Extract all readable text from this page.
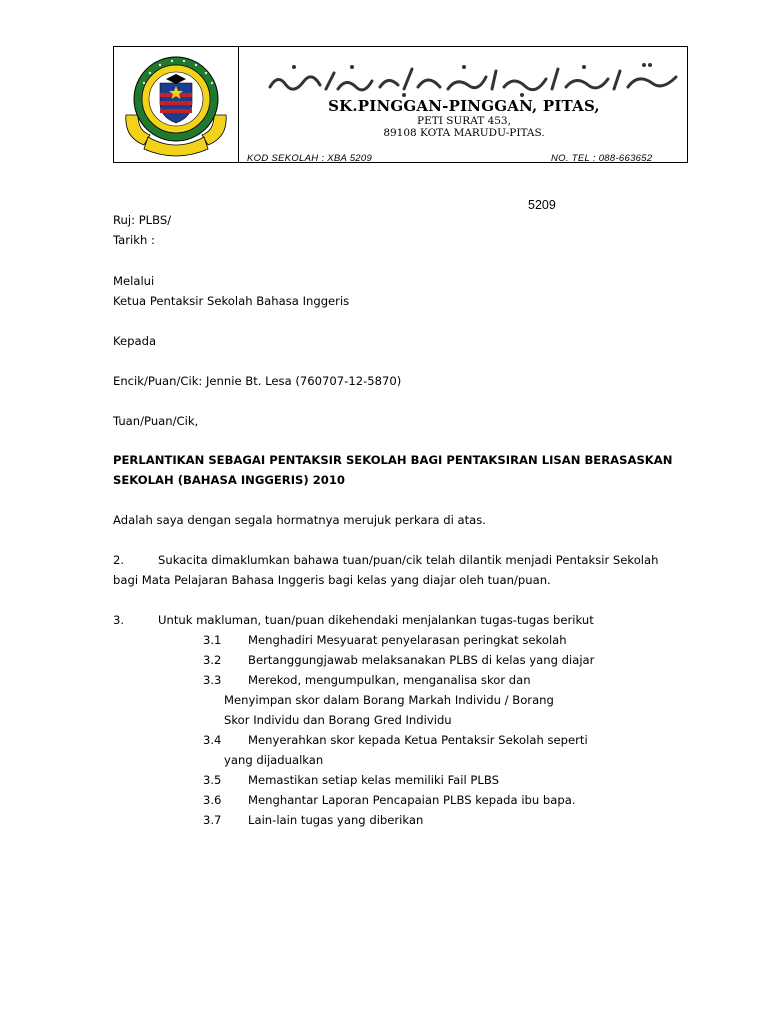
SK.PINGGAN-PINGGAN, PITAS,
PETI SURAT 453,
89108 KOTA MARUDU-PITAS.
KOD SEKOLAH : XBA 5209	NO. TEL : 088-663652
5209
Ruj: PLBS/
Tarikh :
Melalui
Ketua Pentaksir Sekolah Bahasa Inggeris
Kepada
Encik/Puan/Cik: Jennie Bt. Lesa (760707-12-5870)
Tuan/Puan/Cik,
PERLANTIKAN SEBAGAI PENTAKSIR SEKOLAH BAGI PENTAKSIRAN LISAN BERASASKAN
SEKOLAH (BAHASA INGGERIS) 2010
Adalah saya dengan segala hormatnya merujuk perkara di atas.
2.	Sukacita dimaklumkan bahawa tuan/puan/cik telah dilantik menjadi Pentaksir Sekolah
bagi Mata Pelajaran Bahasa Inggeris bagi kelas yang diajar oleh tuan/puan.
3.	Untuk makluman, tuan/puan dikehendaki menjalankan tugas-tugas berikut
3.1 Menghadiri Mesyuarat penyelarasan peringkat sekolah
3.2 Bertanggungjawab melaksanakan PLBS di kelas yang diajar
3.3 Merekod, mengumpulkan, menganalisa skor dan
Menyimpan skor dalam Borang Markah Individu / Borang
Skor Individu dan Borang Gred Individu
3.4 Menyerahkan skor kepada Ketua Pentaksir Sekolah seperti
yang dijadualkan
3.5 Memastikan setiap kelas memiliki Fail PLBS
3.6 Menghantar Laporan Pencapaian PLBS kepada ibu bapa.
3.7 Lain-lain tugas yang diberikan
